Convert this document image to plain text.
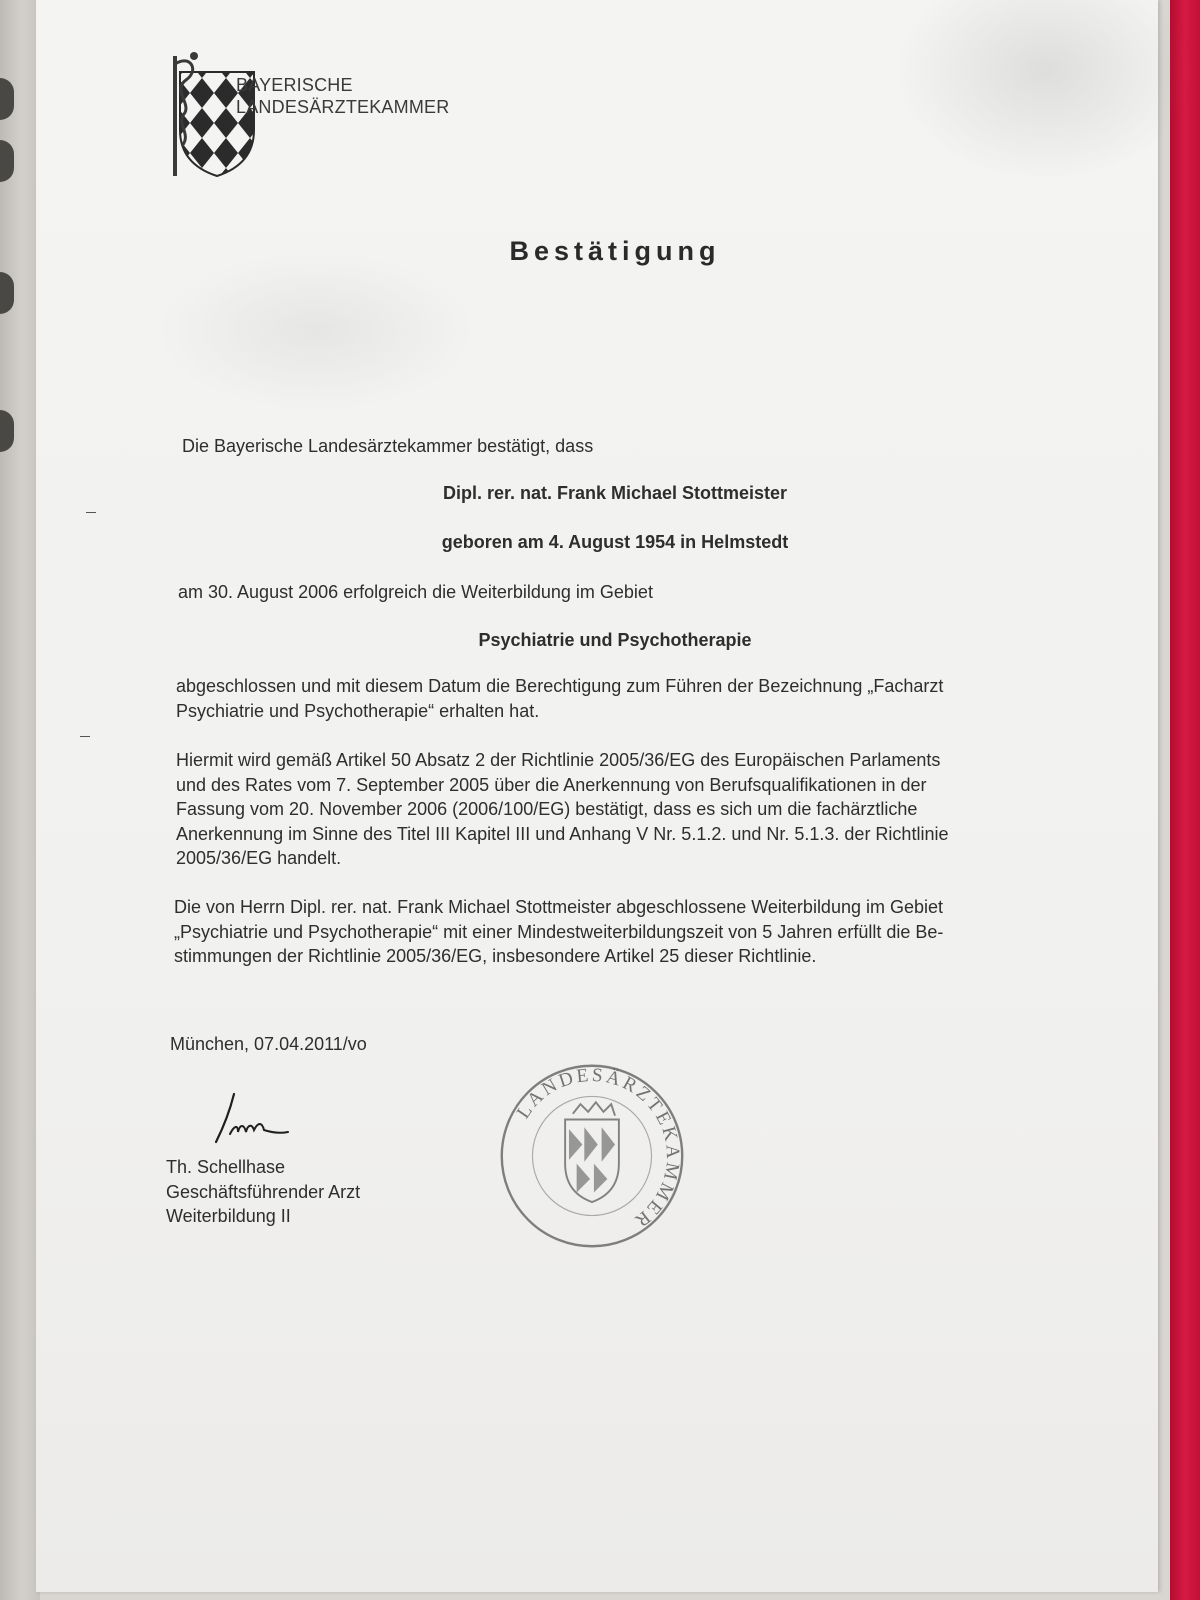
BAYERISCHE
LANDESÄRZTEKAMMER
Bestätigung
Die Bayerische Landesärztekammer bestätigt, dass
Dipl. rer. nat. Frank Michael Stottmeister
geboren am 4. August 1954 in Helmstedt
am 30. August 2006 erfolgreich die Weiterbildung im Gebiet
Psychiatrie und Psychotherapie
abgeschlossen und mit diesem Datum die Berechtigung zum Führen der Bezeichnung „Facharzt
Psychiatrie und Psychotherapie“ erhalten hat.
Hiermit wird gemäß Artikel 50 Absatz 2 der Richtlinie 2005/36/EG des Europäischen Parlaments
und des Rates vom 7. September 2005 über die Anerkennung von Berufsqualifikationen in der
Fassung vom 20. November 2006 (2006/100/EG) bestätigt, dass es sich um die fachärztliche
Anerkennung im Sinne des Titel III Kapitel III und Anhang V Nr. 5.1.2. und Nr. 5.1.3. der Richtlinie
2005/36/EG handelt.
Die von Herrn Dipl. rer. nat. Frank Michael Stottmeister abgeschlossene Weiterbildung im Gebiet
„Psychiatrie und Psychotherapie“ mit einer Mindestweiterbildungszeit von 5 Jahren erfüllt die Be-
stimmungen der Richtlinie 2005/36/EG, insbesondere Artikel 25 dieser Richtlinie.
München, 07.04.2011/vo
Th. Schellhase
Geschäftsführender Arzt
Weiterbildung II
LANDESÄRZTEKAMMER
